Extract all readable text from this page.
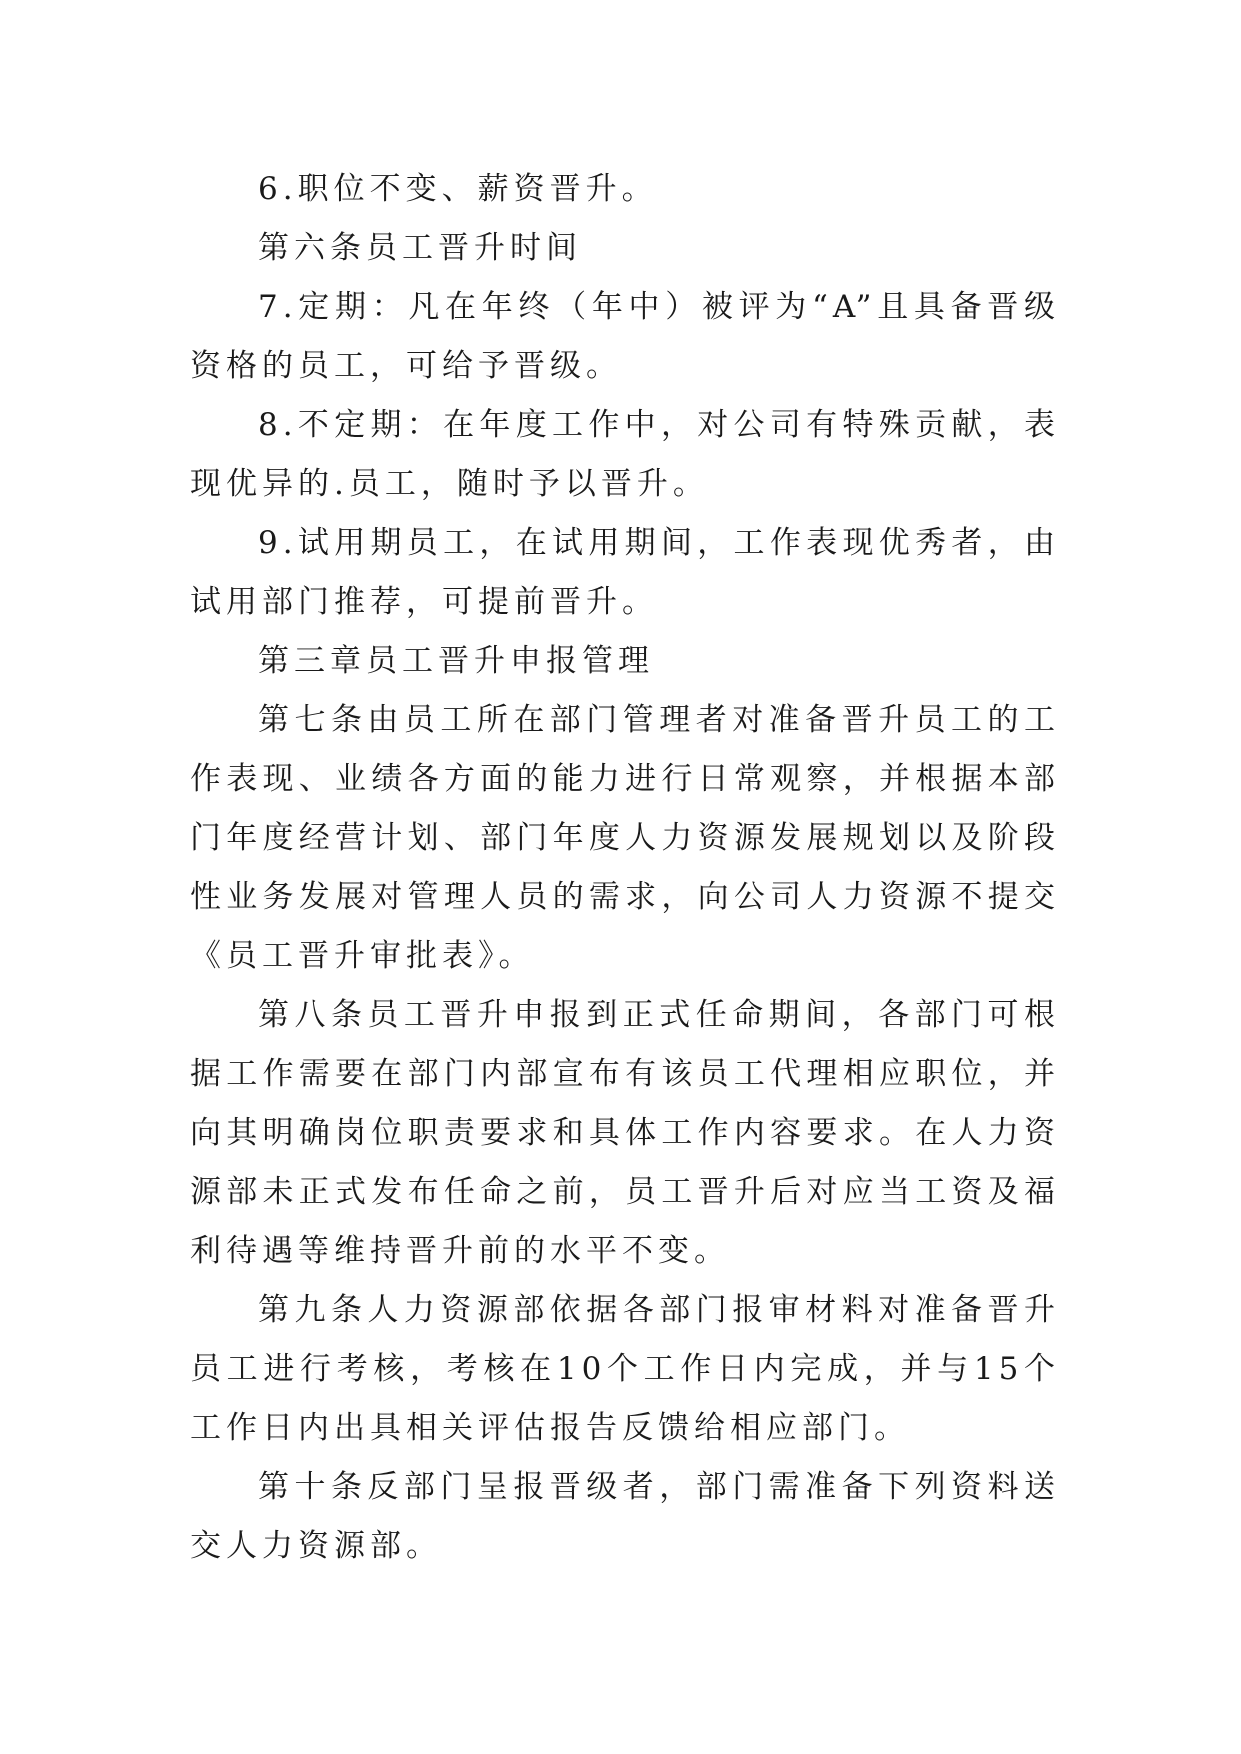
6.职位不变、薪资晋升。

第六条员工晋升时间

7.定期：凡在年终（年中）被评为“A”且具备晋级资格的员工，可给予晋级。

8.不定期：在年度工作中，对公司有特殊贡献，表现优异的.员工，随时予以晋升。

9.试用期员工，在试用期间，工作表现优秀者，由试用部门推荐，可提前晋升。

第三章员工晋升申报管理

第七条由员工所在部门管理者对准备晋升员工的工作表现、业绩各方面的能力进行日常观察，并根据本部门年度经营计划、部门年度人力资源发展规划以及阶段性业务发展对管理人员的需求，向公司人力资源不提交《员工晋升审批表》。

第八条员工晋升申报到正式任命期间，各部门可根据工作需要在部门内部宣布有该员工代理相应职位，并向其明确岗位职责要求和具体工作内容要求。在人力资源部未正式发布任命之前，员工晋升后对应当工资及福利待遇等维持晋升前的水平不变。

第九条人力资源部依据各部门报审材料对准备晋升员工进行考核，考核在10个工作日内完成，并与15个工作日内出具相关评估报告反馈给相应部门。

第十条反部门呈报晋级者，部门需准备下列资料送交人力资源部。
